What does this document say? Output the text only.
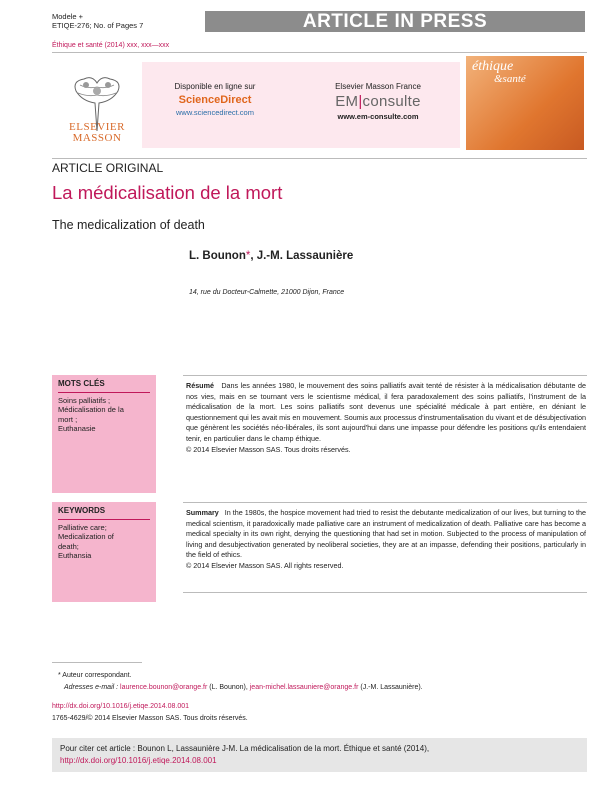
Modele +
ETIQE-276; No. of Pages 7	ARTICLE IN PRESS
Éthique et santé (2014) xxx, xxx—xxx
ELSEVIER
MASSON
Disponible en ligne sur
ScienceDirect
www.sciencedirect.com
Elsevier Masson France
EM|consulte
www.em-consulte.com
éthique
&santé
ARTICLE ORIGINAL
La médicalisation de la mort
The medicalization of death
L. Bounon*, J.-M. Lassaunière
14, rue du Docteur-Calmette, 21000 Dijon, France
MOTS CLÉS
Soins palliatifs ;
Médicalisation de la
mort ;
Euthanasie
Résumé Dans les années 1980, le mouvement des soins palliatifs avait tenté de résister à la médicalisation débutante de nos vies, mais en se tournant vers le scientisme médical, il fera paradoxalement des soins palliatifs, l'instrument de la médicalisation de la mort. Les soins palliatifs sont devenus une spécialité médicale à part entière, en déniant le questionnement qui les avait mis en mouvement. Soumis aux processus d'instrumentalisation du vivant et de désubjectivation que génèrent les sociétés néo-libérales, ils sont aujourd'hui dans une impasse pour défendre les positions qu'ils entendaient tenir, en particulier dans le champ éthique.
© 2014 Elsevier Masson SAS. Tous droits réservés.
KEYWORDS
Palliative care;
Medicalization of
death;
Euthansia
Summary In the 1980s, the hospice movement had tried to resist the debutante medicalization of our lives, but turning to the medical scientism, it paradoxically made palliative care an instrument of medicalization of death. Palliative care has become a medical specialty in its own right, denying the questioning that had set in motion. Subjected to the process of manipulation of living and desubjectivation generated by neoliberal societies, they are at an impasse, defending their positions, particularly in the field of ethics.
© 2014 Elsevier Masson SAS. All rights reserved.
* Auteur correspondant.
Adresses e-mail : laurence.bounon@orange.fr (L. Bounon), jean-michel.lassauniere@orange.fr (J.-M. Lassaunière).
http://dx.doi.org/10.1016/j.etiqe.2014.08.001
1765-4629/© 2014 Elsevier Masson SAS. Tous droits réservés.
Pour citer cet article : Bounon L, Lassaunière J-M. La médicalisation de la mort. Éthique et santé (2014),
http://dx.doi.org/10.1016/j.etiqe.2014.08.001
